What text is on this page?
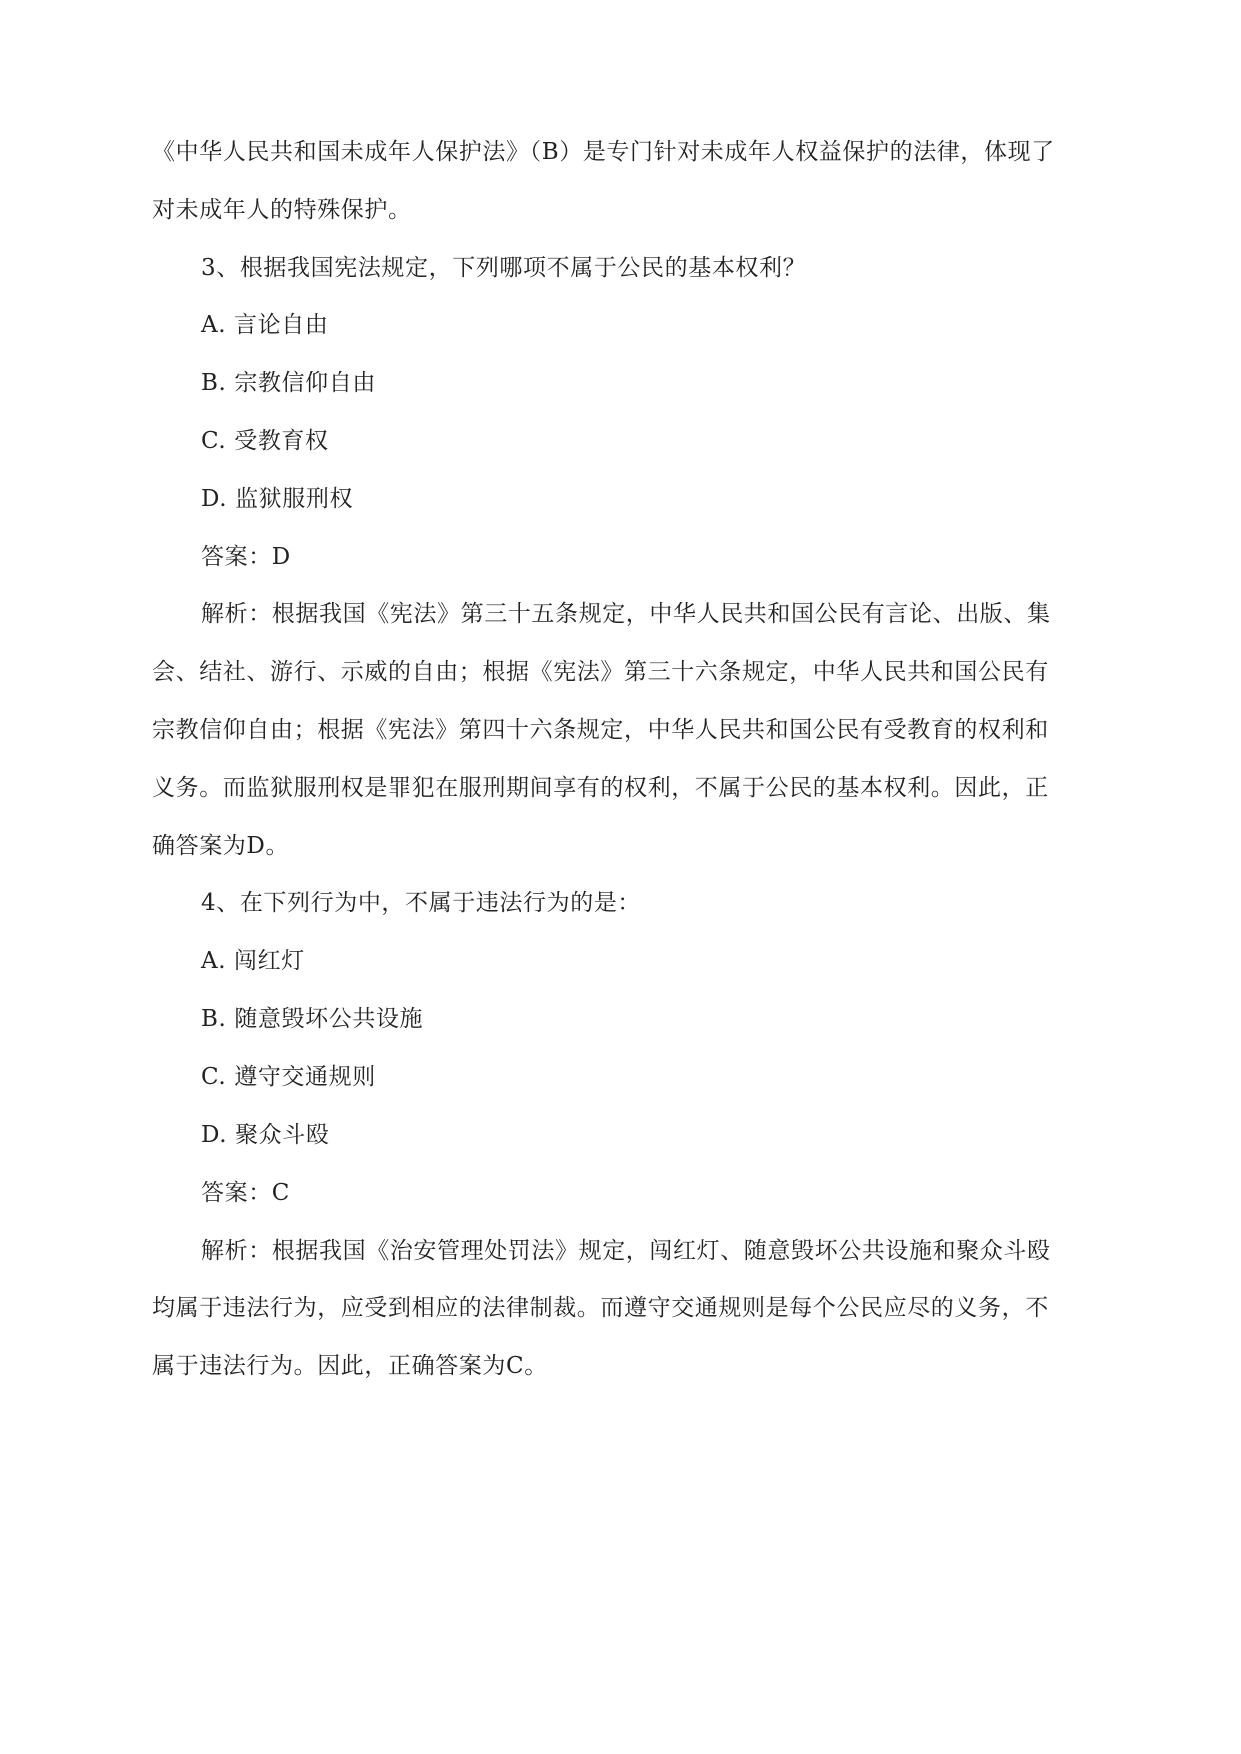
《中华人民共和国未成年人保护法》（B）是专门针对未成年人权益保护的法律，体现了
对未成年人的特殊保护。
3、根据我国宪法规定，下列哪项不属于公民的基本权利？
A. 言论自由
B. 宗教信仰自由
C. 受教育权
D. 监狱服刑权
答案：D
解析：根据我国《宪法》第三十五条规定，中华人民共和国公民有言论、出版、集
会、结社、游行、示威的自由；根据《宪法》第三十六条规定，中华人民共和国公民有
宗教信仰自由；根据《宪法》第四十六条规定，中华人民共和国公民有受教育的权利和
义务。而监狱服刑权是罪犯在服刑期间享有的权利，不属于公民的基本权利。因此，正
确答案为D。
4、在下列行为中，不属于违法行为的是：
A. 闯红灯
B. 随意毁坏公共设施
C. 遵守交通规则
D. 聚众斗殴
答案：C
解析：根据我国《治安管理处罚法》规定，闯红灯、随意毁坏公共设施和聚众斗殴
均属于违法行为，应受到相应的法律制裁。而遵守交通规则是每个公民应尽的义务，不
属于违法行为。因此，正确答案为C。
